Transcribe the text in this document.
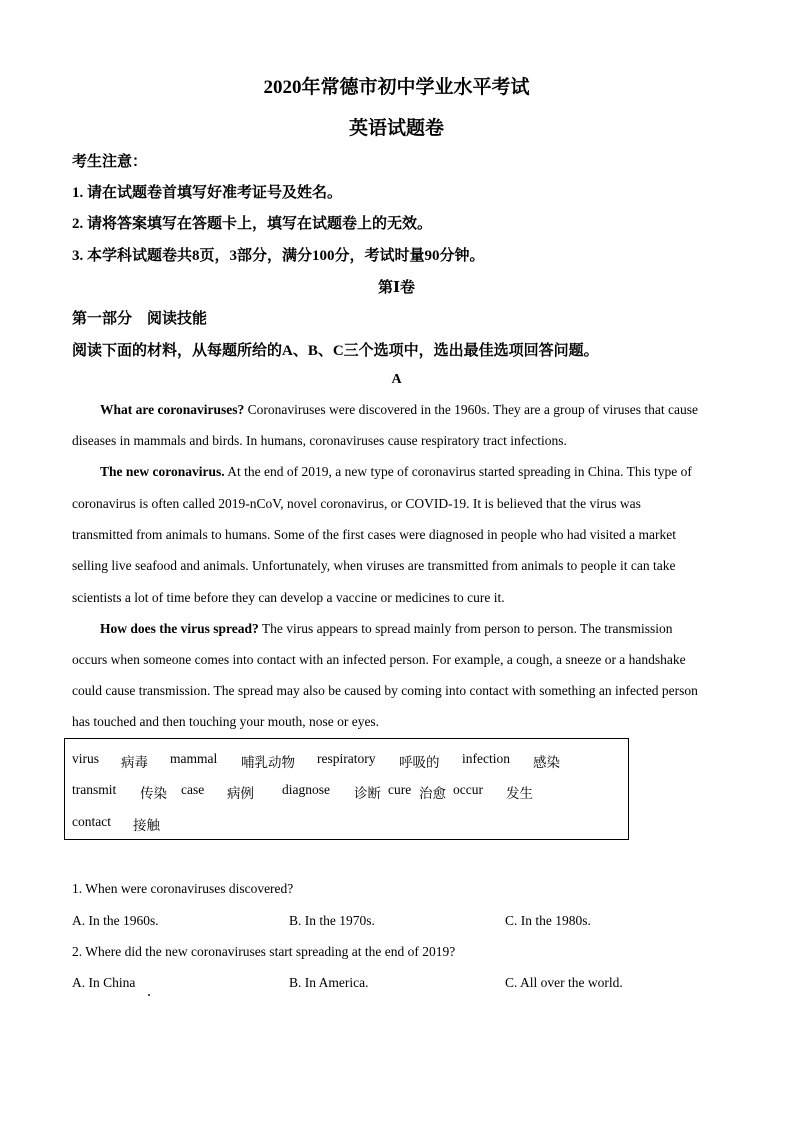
2020年常德市初中学业水平考试
英语试题卷
考生注意：
1. 请在试题卷首填写好准考证号及姓名。
2. 请将答案填写在答题卡上，填写在试题卷上的无效。
3. 本学科试题卷共8页，3部分，满分100分，考试时量90分钟。
第Ⅰ卷
第一部分　阅读技能
阅读下面的材料，从每题所给的A、B、C三个选项中，选出最佳选项回答问题。
A
What are coronaviruses? Coronaviruses were discovered in the 1960s. They are a group of viruses that cause
diseases in mammals and birds. In humans, coronaviruses cause respiratory tract infections.
The new coronavirus. At the end of 2019, a new type of coronavirus started spreading in China. This type of
coronavirus is often called 2019-nCoV, novel coronavirus, or COVID-19. It is believed that the virus was
transmitted from animals to humans. Some of the first cases were diagnosed in people who had visited a market
selling live seafood and animals. Unfortunately, when viruses are transmitted from animals to people it can take
scientists a lot of time before they can develop a vaccine or medicines to cure it.
How does the virus spread? The virus appears to spread mainly from person to person. The transmission
occurs when someone comes into contact with an infected person. For example, a cough, a sneeze or a handshake
could cause transmission. The spread may also be caused by coming into contact with something an infected person
has touched and then touching your mouth, nose or eyes.
virus 病毒 mammal 哺乳动物 respiratory 呼吸的 infection 感染
transmit 传染 case 病例 diagnose 诊断 cure 治愈 occur 发生
contact 接触
1. When were coronaviruses discovered?
A. In the 1960s.	B. In the 1970s.	C. In the 1980s.
2. Where did the new coronaviruses start spreading at the end of 2019?
A. In China	B. In America.	C. All over the world.
